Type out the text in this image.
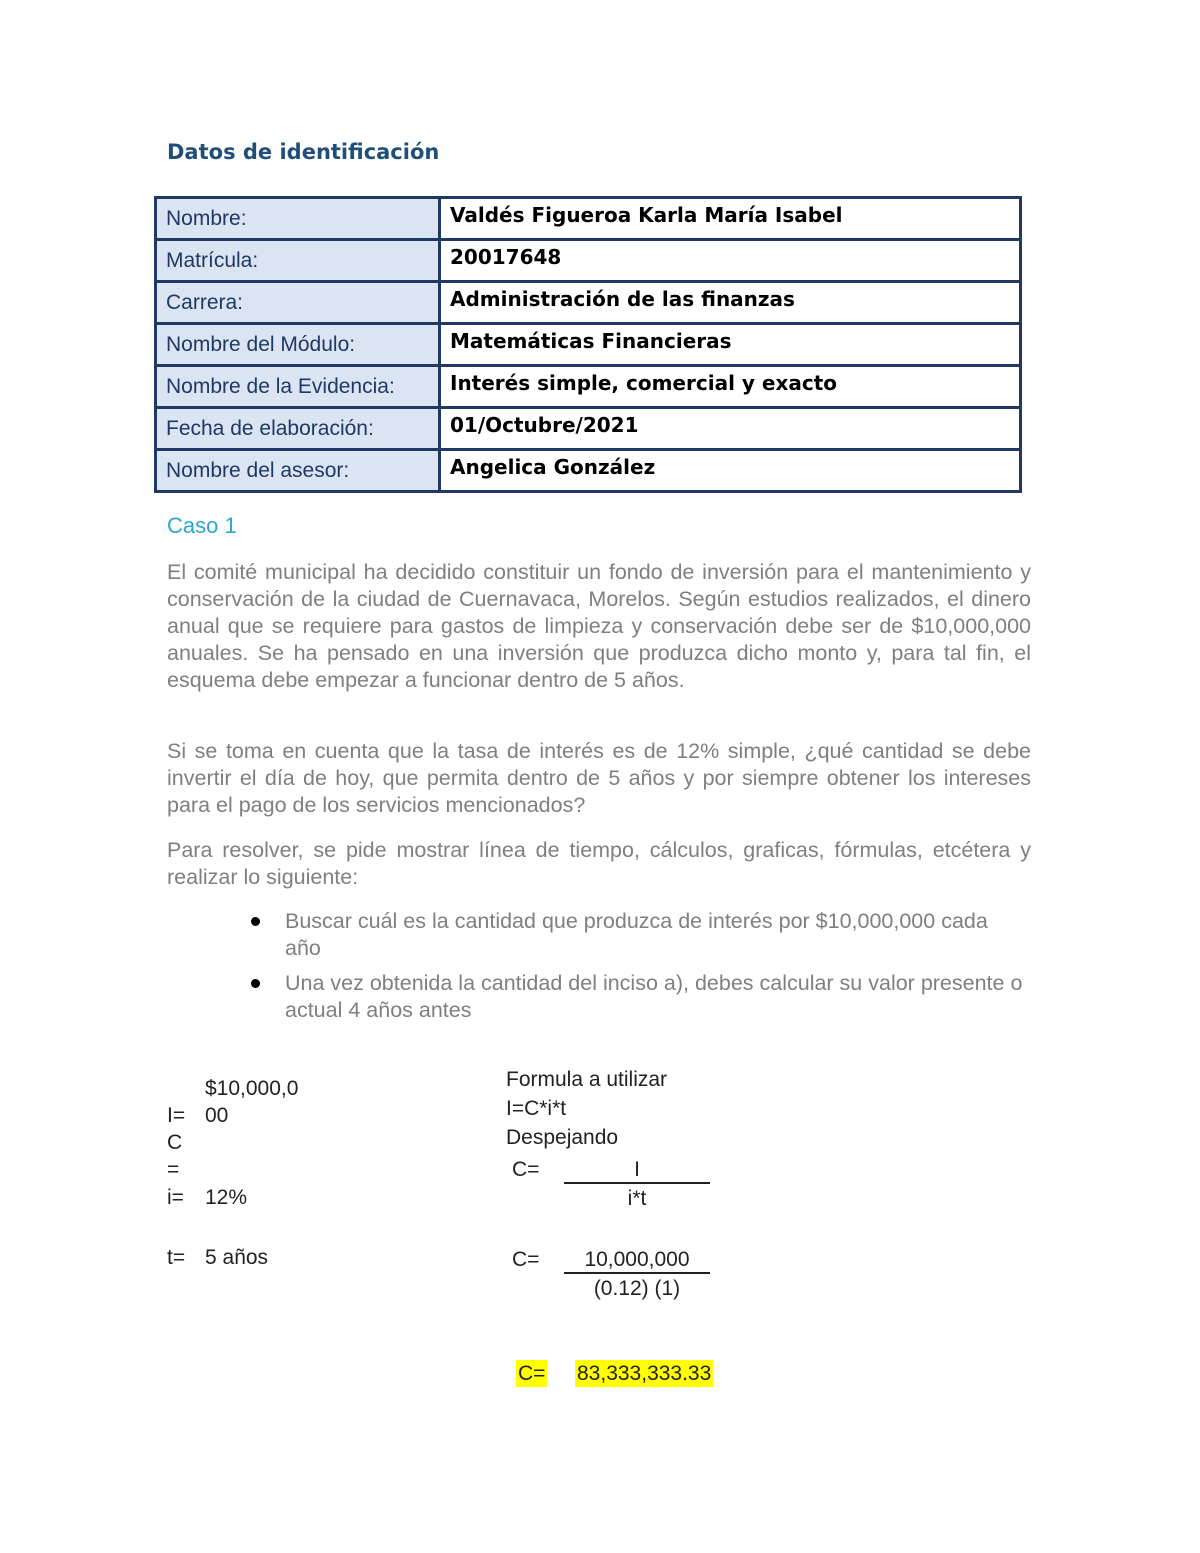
Datos de identificación
Nombre:	Valdés Figueroa Karla María Isabel
Matrícula:	20017648
Carrera:	Administración de las finanzas
Nombre del Módulo:	Matemáticas Financieras
Nombre de la Evidencia:	Interés simple, comercial y exacto
Fecha de elaboración:	01/Octubre/2021
Nombre del asesor:	Angelica González
Caso 1
El comité municipal ha decidido constituir un fondo de inversión para el mantenimiento y conservación de la ciudad de Cuernavaca, Morelos. Según estudios realizados, el dinero anual que se requiere para gastos de limpieza y conservación debe ser de $10,000,000 anuales. Se ha pensado en una inversión que produzca dicho monto y, para tal fin, el esquema debe empezar a funcionar dentro de 5 años.
Si se toma en cuenta que la tasa de interés es de 12% simple, ¿qué cantidad se debe invertir el día de hoy, que permita dentro de 5 años y por siempre obtener los intereses para el pago de los servicios mencionados?
Para resolver, se pide mostrar línea de tiempo, cálculos, graficas, fórmulas, etcétera y realizar lo siguiente:
Buscar cuál es la cantidad que produzca de interés por $10,000,000 cada año
Una vez obtenida la cantidad del inciso a), debes calcular su valor presente o actual 4 años antes
$10,000,0
I= 00
C
=
i= 12%
t= 5 años
Formula a utilizar
I=C*i*t
Despejando
C=	I
i*t
C=	10,000,000
(0.12) (1)
C= 83,333,333.33
